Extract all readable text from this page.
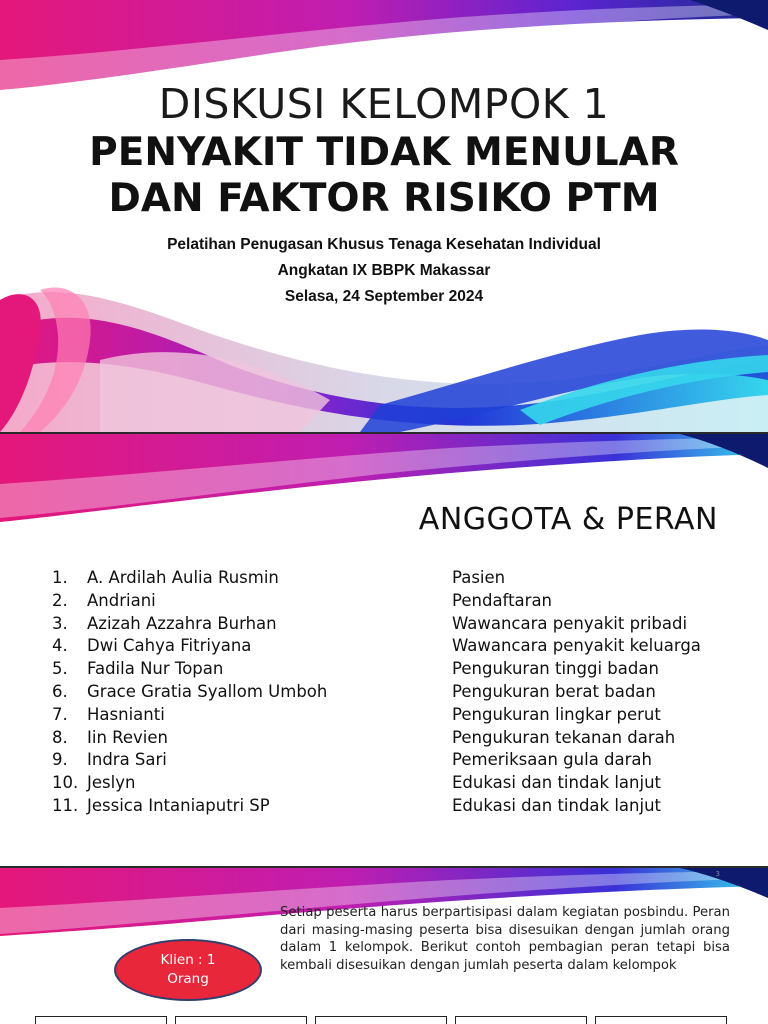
DISKUSI KELOMPOK 1
PENYAKIT TIDAK MENULAR
DAN FAKTOR RISIKO PTM
Pelatihan Penugasan Khusus Tenaga Kesehatan Individual
Angkatan IX BBPK Makassar
Selasa, 24 September 2024
ANGGOTA & PERAN
1.	A. Ardilah Aulia Rusmin	Pasien
2.	Andriani	Pendaftaran
3.	Azizah Azzahra Burhan	Wawancara penyakit pribadi
4.	Dwi Cahya Fitriyana	Wawancara penyakit keluarga
5.	Fadila Nur Topan	Pengukuran tinggi badan
6.	Grace Gratia Syallom Umboh	Pengukuran berat badan
7.	Hasnianti	Pengukuran lingkar perut
8.	Iin Revien	Pengukuran tekanan darah
9.	Indra Sari	Pemeriksaan gula darah
10. Jeslyn	Edukasi dan tindak lanjut
11. Jessica Intaniaputri SP	Edukasi dan tindak lanjut
3
Setiap peserta harus berpartisipasi dalam kegiatan posbindu. Peran dari masing-masing peserta bisa disesuikan dengan jumlah orang dalam 1 kelompok. Berikut contoh pembagian peran tetapi bisa kembali disesuikan dengan jumlah peserta dalam kelompok
Klien : 1
Orang
